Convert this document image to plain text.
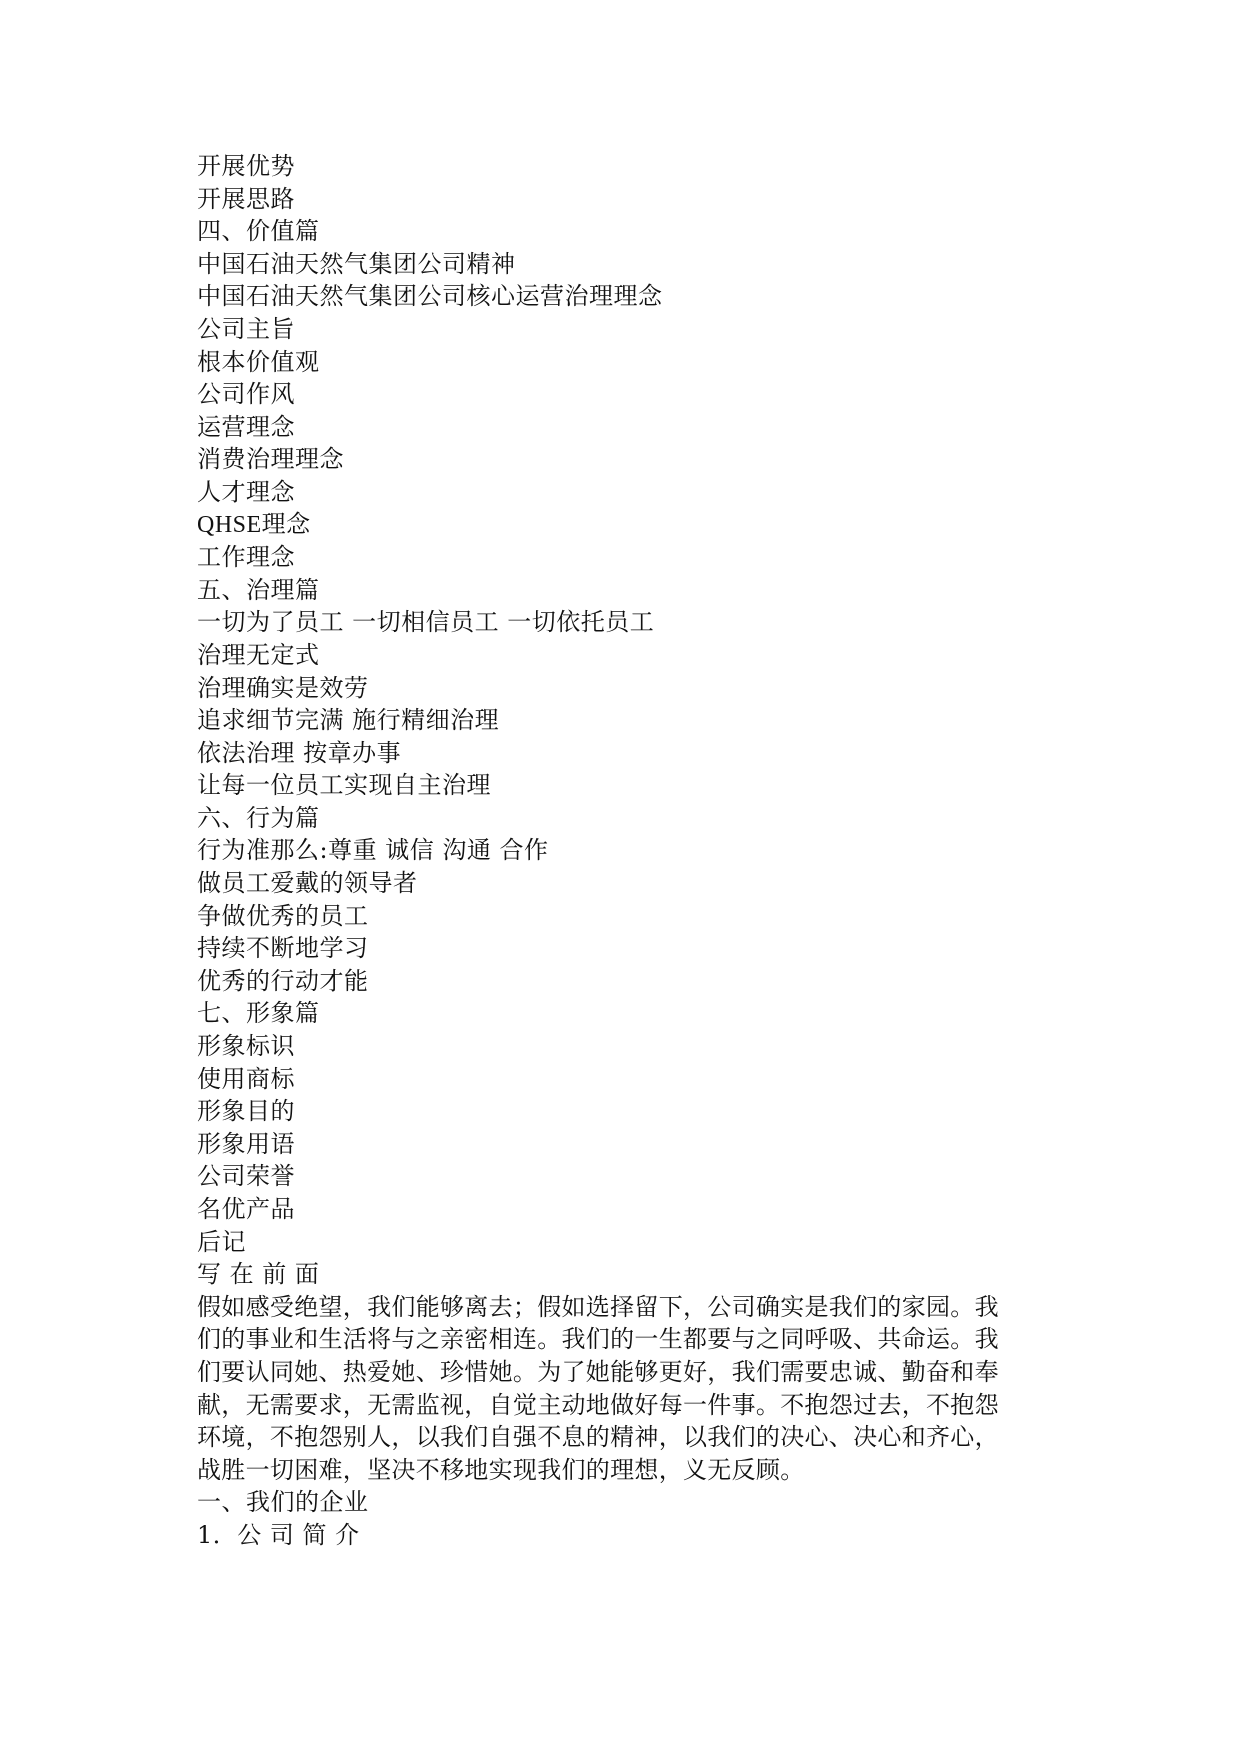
开展优势
开展思路
四、价值篇
中国石油天然气集团公司精神
中国石油天然气集团公司核心运营治理理念
公司主旨
根本价值观
公司作风
运营理念
消费治理理念
人才理念
QHSE理念
工作理念
五、治理篇
一切为了员工 一切相信员工 一切依托员工
治理无定式
治理确实是效劳
追求细节完满 施行精细治理
依法治理 按章办事
让每一位员工实现自主治理
六、行为篇
行为准那么:尊重 诚信 沟通 合作
做员工爱戴的领导者
争做优秀的员工
持续不断地学习
优秀的行动才能
七、形象篇
形象标识
使用商标
形象目的
形象用语
公司荣誉
名优产品
后记
写 在 前 面
假如感受绝望，我们能够离去；假如选择留下，公司确实是我们的家园。我
们的事业和生活将与之亲密相连。我们的一生都要与之同呼吸、共命运。我
们要认同她、热爱她、珍惜她。为了她能够更好，我们需要忠诚、勤奋和奉
献，无需要求，无需监视，自觉主动地做好每一件事。不抱怨过去，不抱怨
环境，不抱怨别人，以我们自强不息的精神，以我们的决心、决心和齐心，
战胜一切困难，坚决不移地实现我们的理想，义无反顾。
一、我们的企业
1．公 司 简 介
